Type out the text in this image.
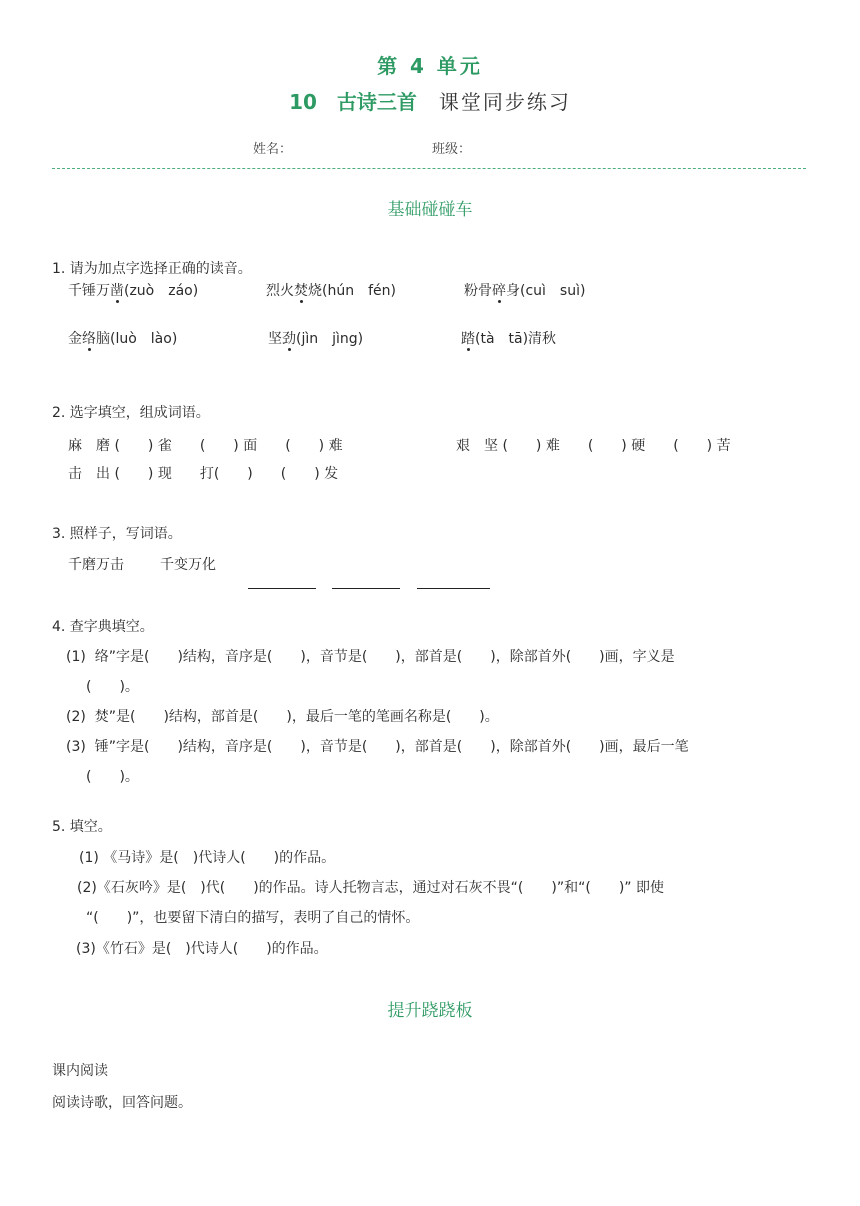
第 4 单元
10 古诗三首 课堂同步练习
姓名：	班级：
基础碰碰车
1. 请为加点字选择正确的读音。
千锤万凿(zuò　záo)	烈火焚烧(hún　fén)	粉骨碎身(cuì　suì)
金络脑(luò　lào)	坚劲(jìn　jìng)	踏(tà　tā)清秋
2. 选字填空，组成词语。
麻　磨 (　　) 雀　　(　　) 面　　(　　) 难	艰　坚 (　　) 难　　(　　) 硬　　(　　) 苦
击　出 (　　) 现　　打(　　)　　(　　) 发
3. 照样子，写词语。
千磨万击	千变万化
4. 查字典填空。
(1) 络”字是(　　)结构，音序是(　　)，音节是(　　)，部首是(　　)，除部首外(　　)画，字义是
(　　)。
(2) 焚”是(　　)结构，部首是(　　)，最后一笔的笔画名称是(　　)。
(3) 锤”字是(　　)结构，音序是(　　)，音节是(　　)，部首是(　　)，除部首外(　　)画，最后一笔
(　　)。
5. 填空。
(1) 《马诗》是(　)代诗人(　　)的作品。
(2)《石灰吟》是(　)代(　　)的作品。诗人托物言志，通过对石灰不畏“(　　)”和“(　　)” 即使
“(　　)”，也要留下清白的描写，表明了自己的情怀。
(3)《竹石》是(　)代诗人(　　)的作品。
提升跷跷板
课内阅读
阅读诗歌，回答问题。
